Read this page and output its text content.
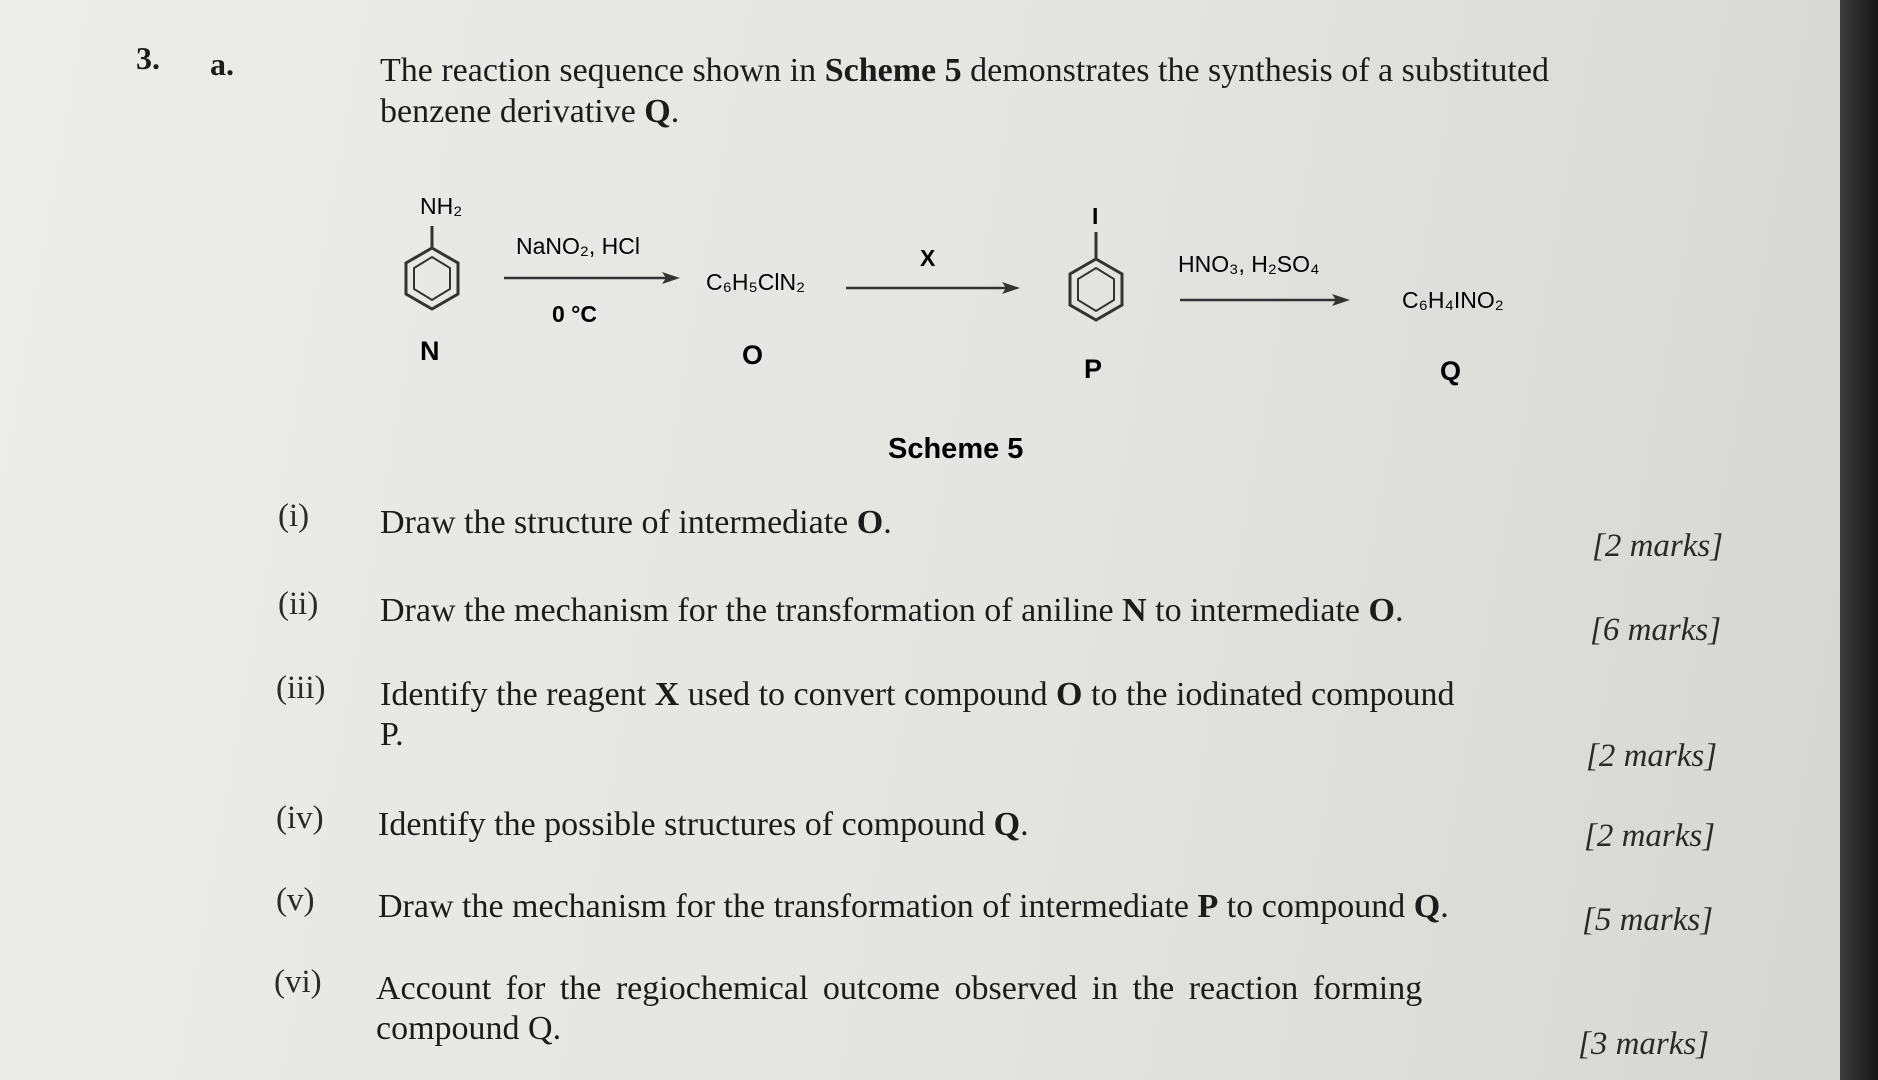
3. a.	The reaction sequence shown in Scheme 5 demonstrates the synthesis of a substituted benzene derivative Q.
NH₂
N
NaNO₂, HCl
0 °C
C₆H₅ClN₂
O
X
I
P
HNO₃, H₂SO₄
C₆H₄INO₂
Q
Scheme 5
(i) Draw the structure of intermediate O.
[2 marks]
(ii) Draw the mechanism for the transformation of aniline N to intermediate O.
[6 marks]
(iii) Identify the reagent X used to convert compound O to the iodinated compound
P.
[2 marks]
(iv) Identify the possible structures of compound Q.	[2 marks]
(v) Draw the mechanism for the transformation of intermediate P to compound Q.	[5 marks]
(vi) Account for the regiochemical outcome observed in the reaction forming
compound Q.	[3 marks]
